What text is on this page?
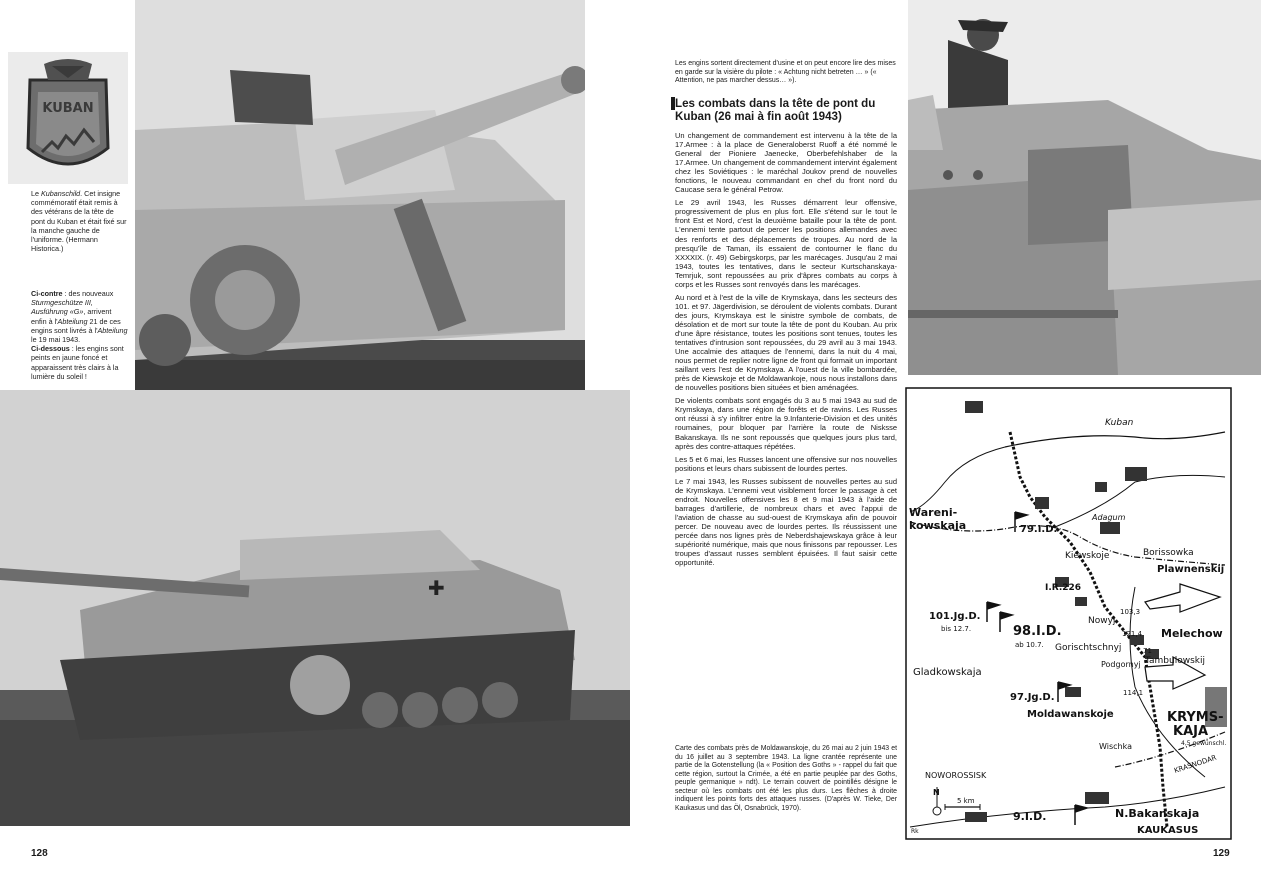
KUBAN
Le Kubanschild. Cet insigne commémoratif était remis à des vétérans de la tête de pont du Kuban et était fixé sur la manche gauche de l'uniforme. (Hermann Historica.)
Ci-contre : des nouveaux Sturmgeschütze III, Ausführung «G», arrivent enfin à l'Abteilung 21 de ces engins sont livrés à l'Abteilung le 19 mai 1943.
Ci-dessous : les engins sont peints en jaune foncé et apparaissent très clairs à la lumière du soleil !
✚
128
Les engins sortent directement d'usine et on peut encore lire des mises en garde sur la visière du pilote : « Achtung nicht betreten … » (« Attention, ne pas marcher dessus… »).
Les combats dans la tête de pont du Kuban (26 mai à fin août 1943)

Un changement de commandement est intervenu à la tête de la 17.Armee : à la place de Generaloberst Ruoff a été nommé le General der Pioniere Jaenecke, Oberbefehlshaber de la 17.Armee. Un changement de commandement intervint également chez les Soviétiques : le maréchal Joukov prend de nouvelles fonctions, le nouveau commandant en chef du front nord du Caucase sera le général Petrow.

Le 29 avril 1943, les Russes démarrent leur offensive, progressivement de plus en plus fort. Elle s'étend sur le tout le front Est et Nord, c'est la deuxième bataille pour la tête de pont. L'ennemi tente partout de percer les positions allemandes avec des renforts et des déplacements de troupes. Au nord de la presqu'île de Taman, ils essaient de contourner le flanc du XXXXIX. (r. 49) Gebirgskorps, par les marécages. Jusqu'au 2 mai 1943, toutes les tentatives, dans le secteur Kurtschanskaya-Temrjuk, sont repoussées au prix d'âpres combats au corps à corps et les Russes sont renvoyés dans les marécages.

Au nord et à l'est de la ville de Krymskaya, dans les secteurs des 101. et 97. Jägerdivision, se déroulent de violents combats. Durant des jours, Krymskaya est le sinistre symbole de combats, de désolation et de mort sur toute la tête de pont du Kouban. Au prix d'une âpre résistance, toutes les positions sont tenues, toutes les tentatives d'intrusion sont repoussées, du 29 avril au 3 mai 1943. Une accalmie des attaques de l'ennemi, dans la nuit du 4 mai, nous permet de replier notre ligne de front qui formait un important saillant vers l'est de Krymskaya. A l'ouest de la ville bombardée, près de Kiewskoje et de Moldawankoje, nous nous installons dans de nouvelles positions bien situées et bien aménagées.

De violents combats sont engagés du 3 au 5 mai 1943 au sud de Krymskaya, dans une région de forêts et de ravins. Les Russes ont réussi à s'y infiltrer entre la 9.Infanterie-Division et des unités roumaines, pour bloquer par l'arrière la route de Nisksse Bakanskaya. Ils ne sont repoussés que quelques jours plus tard, après des contre-attaques répétées.

Les 5 et 6 mai, les Russes lancent une offensive sur nos nouvelles positions et leurs chars subissent de lourdes pertes.

Le 7 mai 1943, les Russes subissent de nouvelles pertes au sud de Krymskaya. L'ennemi veut visiblement forcer le passage à cet endroit. Nouvelles offensives les 8 et 9 mai 1943 à l'aide de barrages d'artillerie, de nombreux chars et avec l'appui de l'aviation de chasse au sud-ouest de Krymskaya afin de pouvoir percer. De nouveau avec de lourdes pertes. Ils réussissent une percée dans nos lignes près de Neberdshajewskaya grâce à leur supériorité numérique, mais que nous finissons par repousser. Les troupes d'assaut russes semblent épuisées. Il faut saisir cette opportunité.

Carte des combats près de Moldawanskoje, du 26 mai au 2 juin 1943 et du 16 juillet au 3 septembre 1943. La ligne crantée représente une partie de la Gotenstellung (la « Position des Goths » - rappel du fait que cette région, surtout la Crimée, a été en partie peuplée par des Goths, peuple germanique » ndt). Le terrain couvert de pointillés désigne le secteur où les combats ont été les plus durs. Les flèches à droite indiquent les points forts des attaques russes. (D'après W. Tieke, Der Kaukasus und das Öl, Osnabrück, 1970).
Kuban
Wareni-
kowskaja
Adagum
79.I.D.
Kiewskoje	Borissowka
Plawnenskij
I.R.226
101.Jg.D.
bis 12.7.	98.I.D.
ab 10.7.
103,3
Nowyj
Melechow
121,4
Gorischtschnyj	71
Tambulowskij
Podgornyj
Gladkowskaja
97.Jg.D.	114,1
Moldawanskoje	KRYMS-
KAJA
4,5 gewünschl.
Wischka
NOWOROSSISK
KRASNODAR
N
5 km
9.I.D.	N.Bakanskaja
KAUKASUS
Rk
129
